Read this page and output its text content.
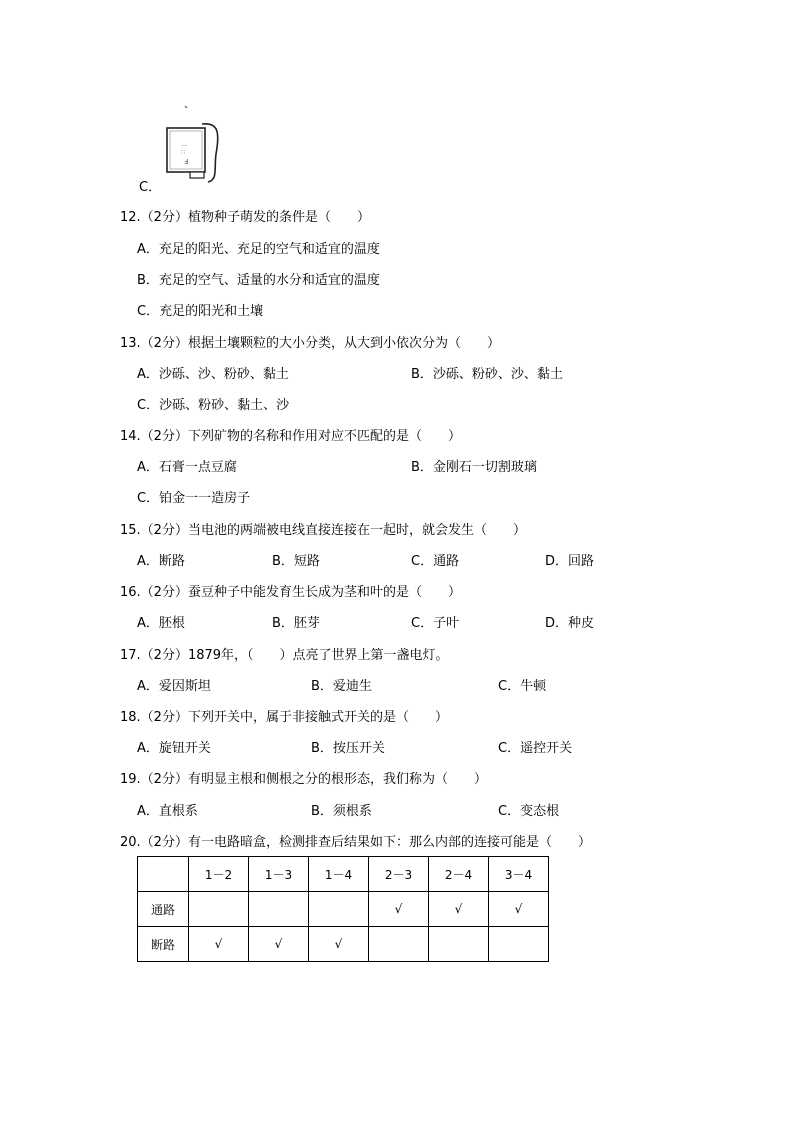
…
∷
Ⅎ
C．
12.（2分）植物种子萌发的条件是（　　）
A．充足的阳光、充足的空气和适宜的温度
B．充足的空气、适量的水分和适宜的温度
C．充足的阳光和土壤
13.（2分）根据土壤颗粒的大小分类，从大到小依次分为（　　）
A．沙砾、沙、粉砂、黏土	B．沙砾、粉砂、沙、黏土
C．沙砾、粉砂、黏土、沙
14.（2分）下列矿物的名称和作用对应不匹配的是（　　）
A．石膏一点豆腐	B．金刚石一切割玻璃
C．铂金一一造房子
15.（2分）当电池的两端被电线直接连接在一起时，就会发生（　　）
A．断路	B．短路	C．通路	D．回路
16.（2分）蚕豆种子中能发育生长成为茎和叶的是（　　）
A．胚根	B．胚芽	C．子叶	D．种皮
17.（2分）1879年，（　　）点亮了世界上第一盏电灯。
A．爱因斯坦	B．爱迪生	C．牛顿
18.（2分）下列开关中，属于非接触式开关的是（　　）
A．旋钮开关	B．按压开关	C．遥控开关
19.（2分）有明显主根和侧根之分的根形态，我们称为（　　）
A．直根系	B．须根系	C．变态根
20.（2分）有一电路暗盒，检测排查后结果如下：那么内部的连接可能是（　　）
	1－2	1－3	1－4	2－3	2－4	3－4
通路				√	√	√
断路	√	√	√			
